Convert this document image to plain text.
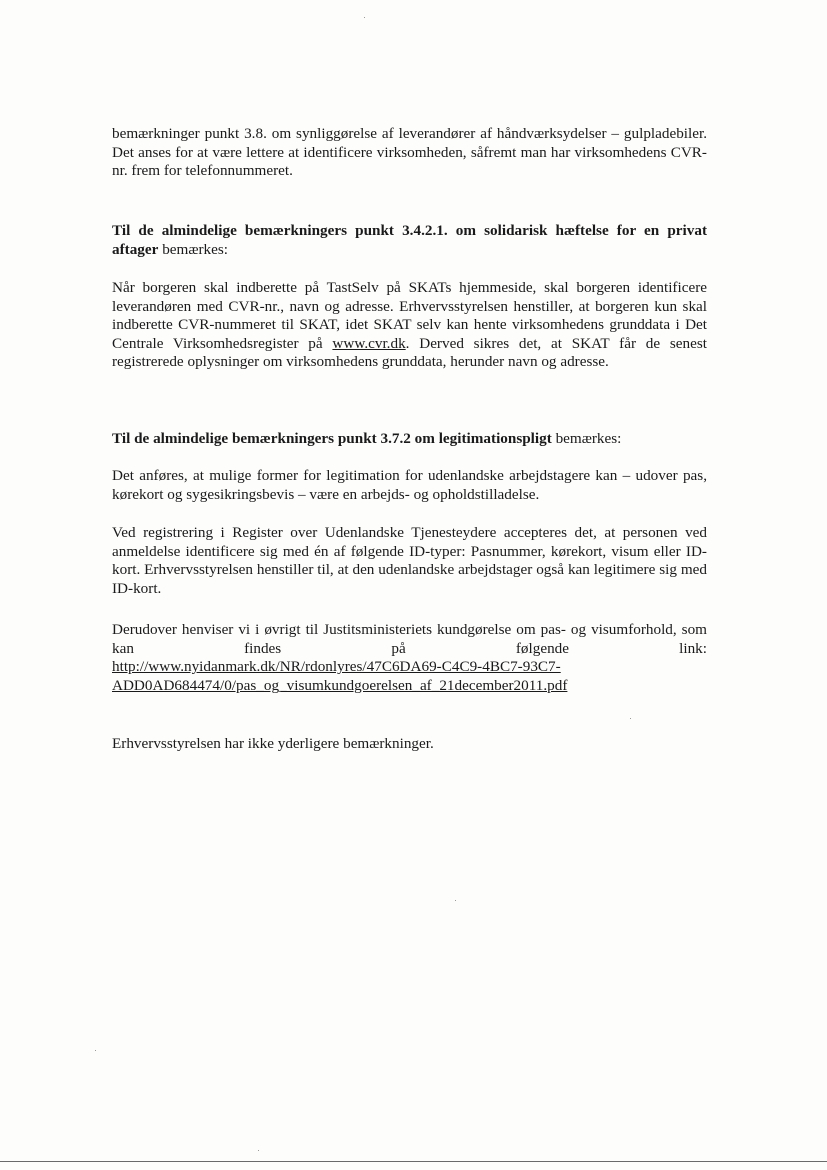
bemærkninger punkt 3.8. om synliggørelse af leverandører af håndværksydelser – gulpladebiler. Det anses for at være lettere at identificere virksomheden, såfremt man har virksomhedens CVR-nr. frem for telefonnummeret.

Til de almindelige bemærkningers punkt 3.4.2.1. om solidarisk hæftelse for en privat aftager bemærkes:

Når borgeren skal indberette på TastSelv på SKATs hjemmeside, skal borgeren identificere leverandøren med CVR-nr., navn og adresse. Erhvervsstyrelsen henstiller, at borgeren kun skal indberette CVR-nummeret til SKAT, idet SKAT selv kan hente virksomhedens grunddata i Det Centrale Virksomhedsregister på www.cvr.dk. Derved sikres det, at SKAT får de senest registrerede oplysninger om virksomhedens grunddata, herunder navn og adresse.

Til de almindelige bemærkningers punkt 3.7.2 om legitimationspligt bemærkes:

Det anføres, at mulige former for legitimation for udenlandske arbejdstagere kan – udover pas, kørekort og sygesikringsbevis – være en arbejds- og opholdstilladelse.

Ved registrering i Register over Udenlandske Tjenesteydere accepteres det, at personen ved anmeldelse identificere sig med én af følgende ID-typer: Pasnummer, kørekort, visum eller ID-kort. Erhvervsstyrelsen henstiller til, at den udenlandske arbejdstager også kan legitimere sig med ID-kort.

Derudover henviser vi i øvrigt til Justitsministeriets kundgørelse om pas- og visumforhold, som kan findes på følgende link:

http://www.nyidanmark.dk/NR/rdonlyres/47C6DA69-C4C9-4BC7-93C7-
ADD0AD684474/0/pas_og_visumkundgoerelsen_af_21december2011.pdf

Erhvervsstyrelsen har ikke yderligere bemærkninger.
